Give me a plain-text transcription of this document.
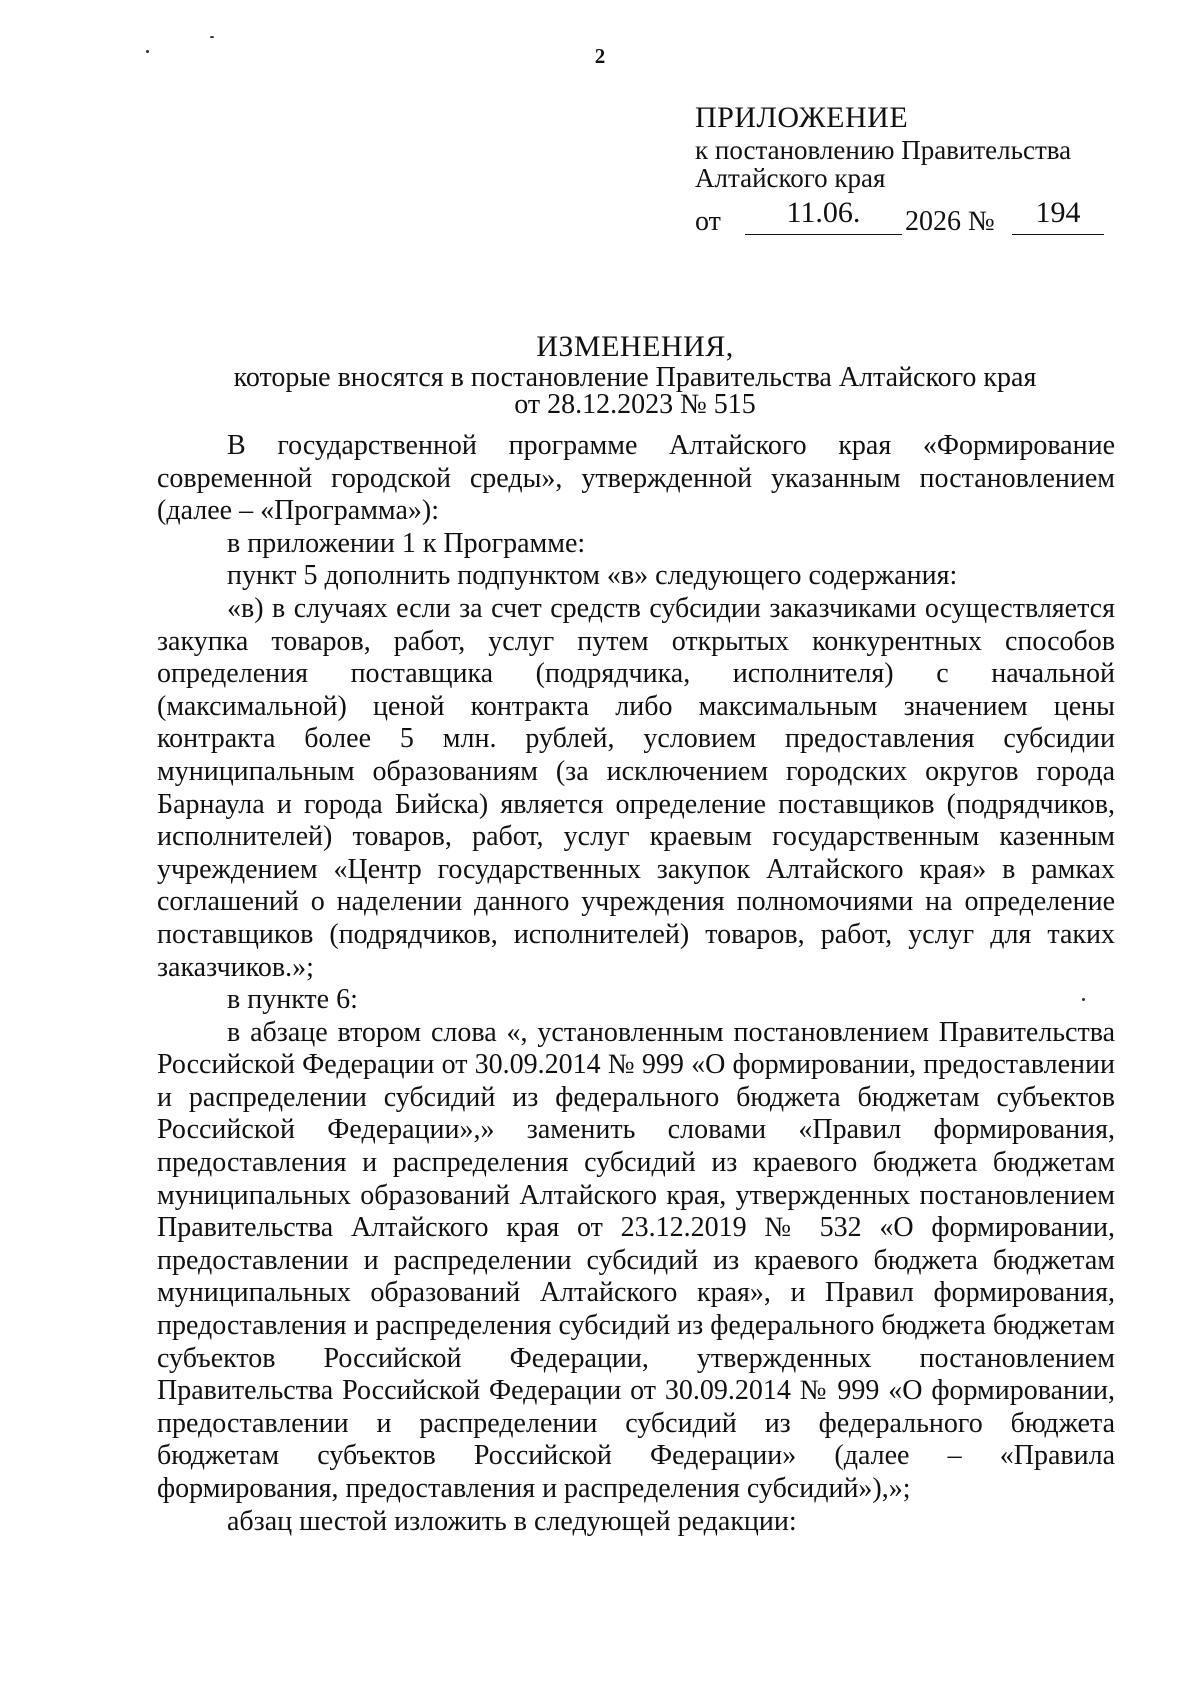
2
ПРИЛОЖЕНИЕ
к постановлению Правительства
Алтайского края
от	11.06.	2026 №	194
ИЗМЕНЕНИЯ,
которые вносятся в постановление Правительства Алтайского края
от 28.12.2023 № 515

В государственной программе Алтайского края «Формирование современной городской среды», утвержденной указанным постановлением (далее – «Программа»):

в приложении 1 к Программе:

пункт 5 дополнить подпунктом «в» следующего содержания:

«в) в случаях если за счет средств субсидии заказчиками осуществляется закупка товаров, работ, услуг путем открытых конкурентных способов определения поставщика (подрядчика, исполнителя) с начальной (максимальной) ценой контракта либо максимальным значением цены контракта более 5 млн. рублей, условием предоставления субсидии муниципальным образованиям (за исключением городских округов города Барнаула и города Бийска) является определение поставщиков (подрядчиков, исполнителей) товаров, работ, услуг краевым государственным казенным учреждением «Центр государственных закупок Алтайского края» в рамках соглашений о наделении данного учреждения полномочиями на определение поставщиков (подрядчиков, исполнителей) товаров, работ, услуг для таких заказчиков.»;

в пункте 6:

в абзаце втором слова «, установленным постановлением Правительства Российской Федерации от 30.09.2014 № 999 «О формировании, предоставлении и распределении субсидий из федерального бюджета бюджетам субъектов Российской Федерации»,» заменить словами «Правил формирования, предоставления и распределения субсидий из краевого бюджета бюджетам муниципальных образований Алтайского края, утвержденных постановлением Правительства Алтайского края от 23.12.2019 № 532 «О формировании, предоставлении и распределении субсидий из краевого бюджета бюджетам муниципальных образований Алтайского края», и Правил формирования, предоставления и распределения субсидий из федерального бюджета бюджетам субъектов Российской Федерации, утвержденных постановлением Правительства Российской Федерации от 30.09.2014 № 999 «О формировании, предоставлении и распределении субсидий из федерального бюджета бюджетам субъектов Российской Федерации» (далее – «Правила формирования, предоставления и распределения субсидий»),»;

абзац шестой изложить в следующей редакции:
